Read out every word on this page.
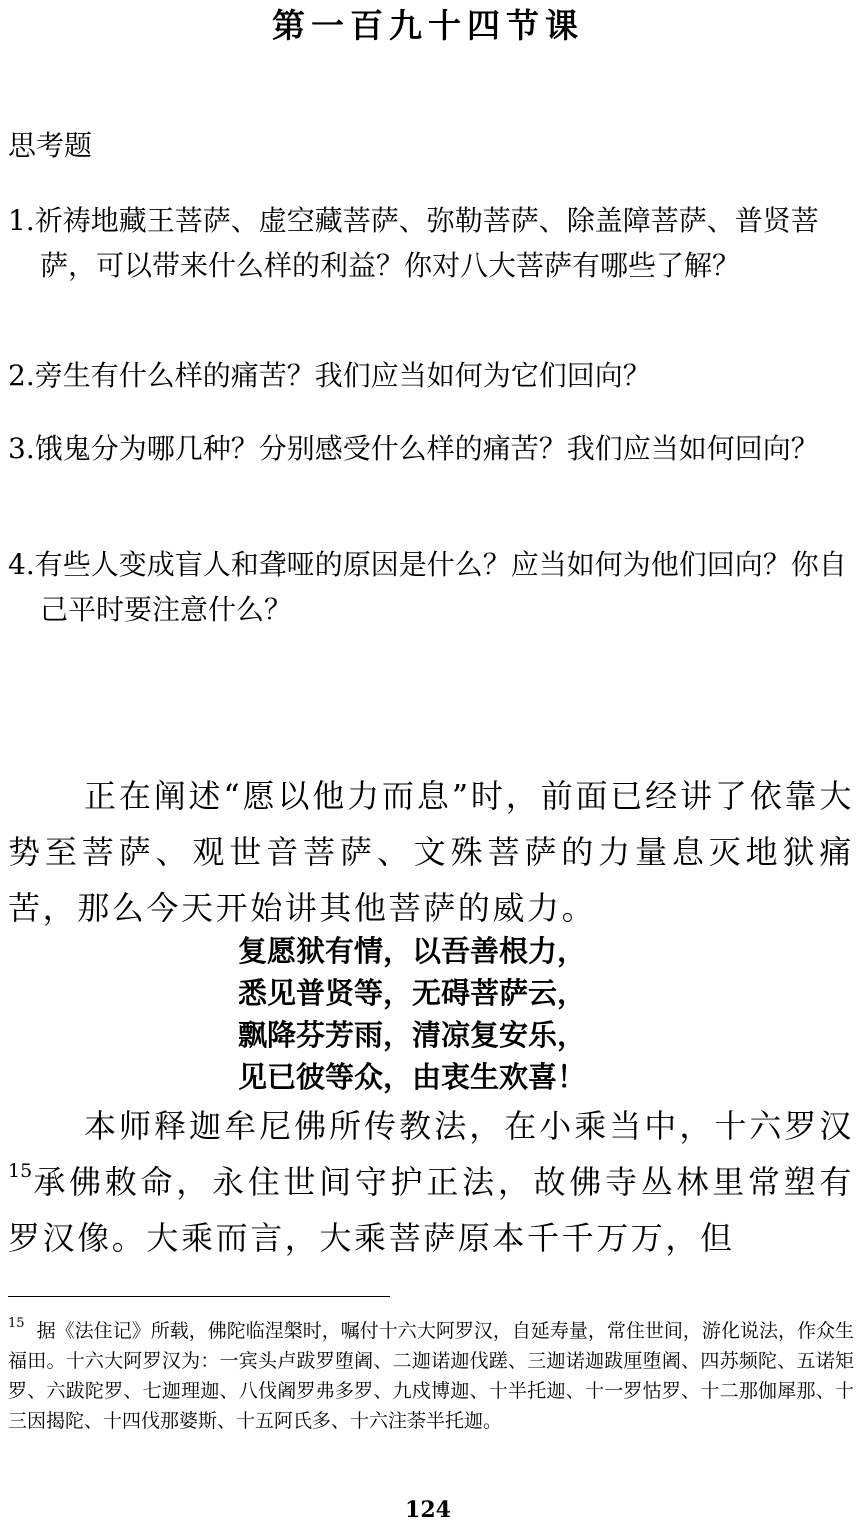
第一百九十四节课
思考题
1.祈祷地藏王菩萨、虚空藏菩萨、弥勒菩萨、除盖障菩萨、普贤菩萨，可以带来什么样的利益？你对八大菩萨有哪些了解？
2.旁生有什么样的痛苦？我们应当如何为它们回向？
3.饿鬼分为哪几种？分别感受什么样的痛苦？我们应当如何回向？
4.有些人变成盲人和聋哑的原因是什么？应当如何为他们回向？你自己平时要注意什么？
正在阐述“愿以他力而息”时，前面已经讲了依靠大势至菩萨、观世音菩萨、文殊菩萨的力量息灭地狱痛苦，那么今天开始讲其他菩萨的威力。
复愿狱有情，以吾善根力，
悉见普贤等，无碍菩萨云，
飘降芬芳雨，清凉复安乐，
见已彼等众，由衷生欢喜！
本师释迦牟尼佛所传教法，在小乘当中，十六罗汉$^{15}$承佛敕命，永住世间守护正法，故佛寺丛林里常塑有罗汉像。大乘而言，大乘菩萨原本千千万万，但
$^{15}$ 据《法住记》所载，佛陀临涅槃时，嘱付十六大阿罗汉，自延寿量，常住世间，游化说法，作众生福田。十六大阿罗汉为：一宾头卢跋罗堕阇、二迦诺迦伐蹉、三迦诺迦跋厘堕阇、四苏频陀、五诺矩罗、六跋陀罗、七迦理迦、八伐阇罗弗多罗、九戍博迦、十半托迦、十一罗怙罗、十二那伽犀那、十三因揭陀、十四伐那婆斯、十五阿氏多、十六注荼半托迦。
124
